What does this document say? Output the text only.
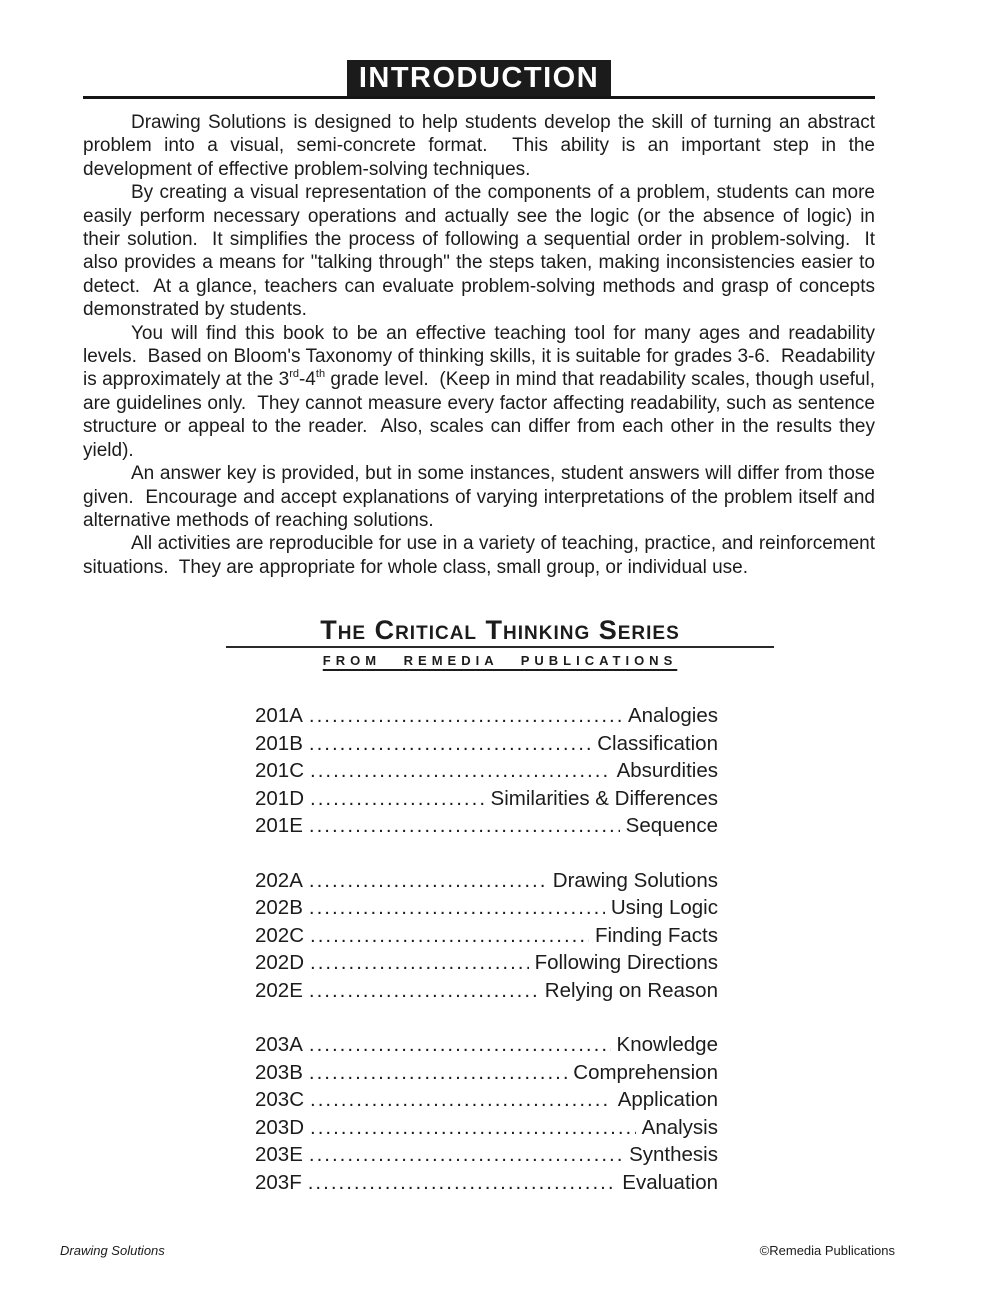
INTRODUCTION

Drawing Solutions is designed to help students develop the skill of turning an abstract problem into a visual, semi-concrete format.  This ability is an important step in the development of effective problem-solving techniques.

By creating a visual representation of the components of a problem, students can more easily perform necessary operations and actually see the logic (or the absence of logic) in their solution.  It simplifies the process of following a sequential order in problem-solving.  It also provides a means for "talking through" the steps taken, making inconsistencies easier to detect.  At a glance, teachers can evaluate problem-solving methods and grasp of concepts demonstrated by students.

You will find this book to be an effective teaching tool for many ages and readability levels.  Based on Bloom's Taxonomy of thinking skills, it is suitable for grades 3-6.  Readability is approximately at the 3rd-4th grade level.  (Keep in mind that readability scales, though useful, are guidelines only.  They cannot measure every factor affecting readability, such as sentence structure or appeal to the reader.  Also, scales can differ from each other in the results they yield).

An answer key is provided, but in some instances, student answers will differ from those given.  Encourage and accept explanations of varying interpretations of the problem itself and alternative methods of reaching solutions.

All activities are reproducible for use in a variety of teaching, practice, and reinforcement situations.  They are appropriate for whole class, small group, or individual use.

The Critical Thinking Series
FROM REMEDIA PUBLICATIONS
201A .....	Analogies
201B .....	Classification
201C .....	Absurdities
201D .....	Similarities & Differences
201E .....	Sequence
202A .....	Drawing Solutions
202B .....	Using Logic
202C .....	Finding Facts
202D .....	Following Directions
202E .....	Relying on Reason
203A .....	Knowledge
203B .....	Comprehension
203C .....	Application
203D .....	Analysis
203E .....	Synthesis
203F .....	Evaluation
Drawing Solutions	©Remedia Publications
